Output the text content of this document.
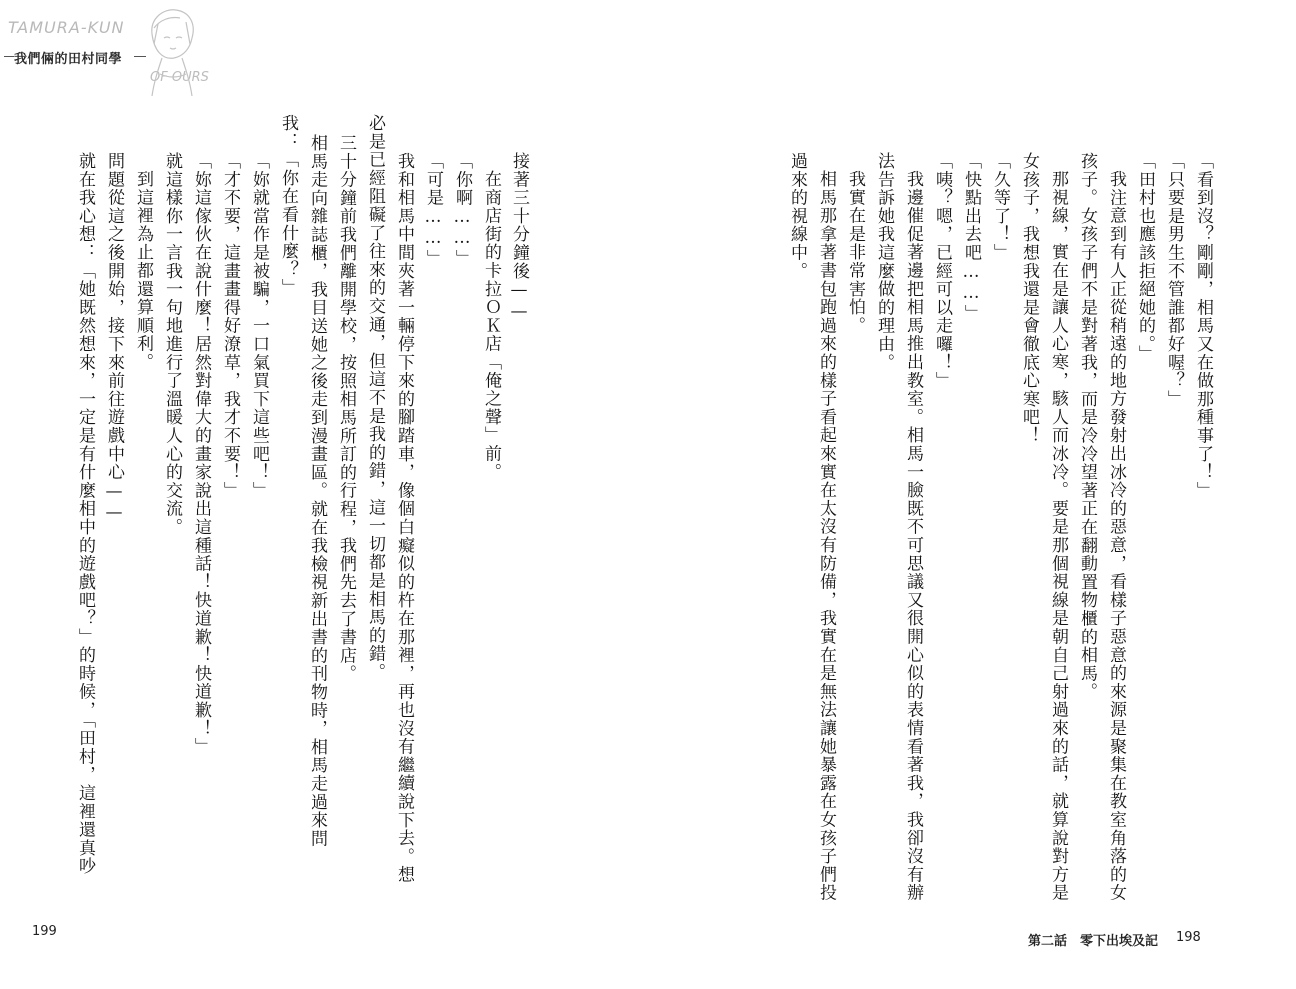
TAMURA-KUN
我們倆的田村同學
OF OURS
接著三十分鐘後——
在商店街的卡拉ＯＫ店「俺之聲」前。
「你啊……」
「可是……」
我和相馬中間夾著一輛停下來的腳踏車，像個白癡似的杵在那裡，再也沒有繼續說下去。想
必是已經阻礙了往來的交通，但這不是我的錯，這一切都是相馬的錯。
三十分鐘前我們離開學校，按照相馬所訂的行程，我們先去了書店。
相馬走向雜誌櫃，我目送她之後走到漫畫區。就在我檢視新出書的刊物時，相馬走過來問
我：「你在看什麼？」
「妳就當作是被騙，一口氣買下這些吧！」
「才不要，這畫畫得好潦草，我才不要！」
「妳這傢伙在說什麼！居然對偉大的畫家說出這種話！快道歉！快道歉！」
就這樣你一言我一句地進行了溫暖人心的交流。
到這裡為止都還算順利。
問題從這之後開始，接下來前往遊戲中心——
就在我心想：「她既然想來，一定是有什麼相中的遊戲吧？」的時候，「田村，這裡還真吵
199
「看到沒？剛剛，相馬又在做那種事了！」
「只要是男生不管誰都好喔？」
「田村也應該拒絕她的。」
我注意到有人正從稍遠的地方發射出冰冷的惡意，看樣子惡意的來源是聚集在教室角落的女
孩子。女孩子們不是對著我，而是冷冷望著正在翻動置物櫃的相馬。
那視線，實在是讓人心寒，駭人而冰冷。要是那個視線是朝自己射過來的話，就算說對方是
女孩子，我想我還是會徹底心寒吧！
「久等了！」
「快點出去吧……」
「咦？嗯，已經可以走囉！」
我邊催促著邊把相馬推出教室。相馬一臉既不可思議又很開心似的表情看著我，我卻沒有辦
法告訴她我這麼做的理由。
我實在是非常害怕。
相馬那拿著書包跑過來的樣子看起來實在太沒有防備，我實在是無法讓她暴露在女孩子們投
過來的視線中。
第二話　零下出埃及記 198
